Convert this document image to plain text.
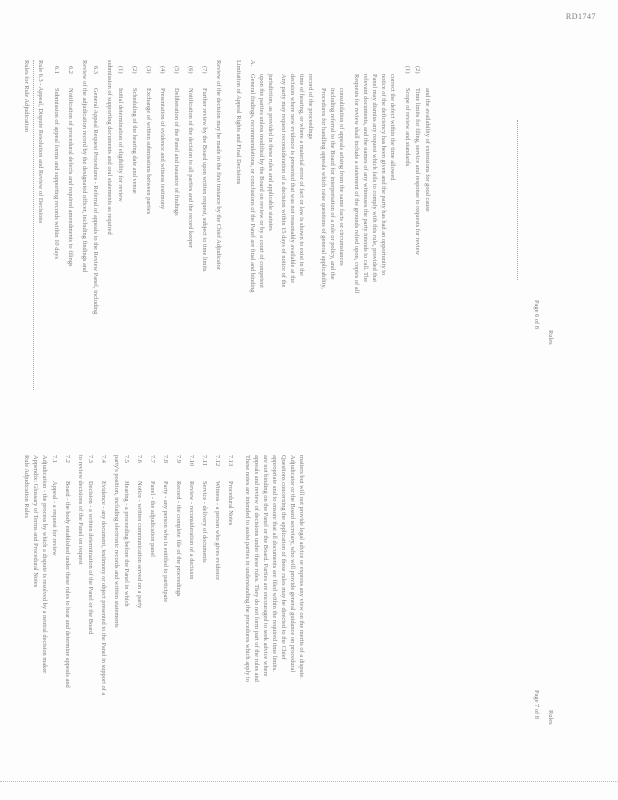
RD1747
Rules for Rule Adjudication Rule 6.3 - Appeal, Dispute Resolution and Review of Decisions 6.1
Submission of appeal forms and supporting records within 10 days
6.2
Notification of procedural defects and required amendments to filings Review of the adjudication record by the designated officer, including findings and 6.3
General Appeal Request Procedures - Referral of appeals to the Review Panel, including submission of supporting documents and oral statements as required (1)
Initial determination of eligibility for review
(2)
Scheduling of the hearing date and venue
(3)
Exchange of written submissions between parties
(4)
Presentation of evidence and witness testimony
(5)
Deliberation of the Panel and issuance of findings
(6)
Notification of the decision to all parties and the record keeper
(7)
Further review by the Board upon written request, subject to time limits Review of the decision may be made in the first instance by the Chief Adjudicator Limitation of Appeal Rights and Final Decisions A.
General findings, recommendations, or conclusions of the Panel are final and binding upon the parties unless modified by the Board on review or by a court of competent jurisdiction, as provided in these rules and applicable statutes Any party may request reconsideration of a decision within 15 days of notice of the decision where new evidence is presented that was not reasonably available at the time of hearing, or where a material error of fact or law is shown to exist in the record of the proceedings Procedures for handling appeals which raise questions of general applicability, including referral to the Board for interpretation of a rule or policy, and the consolidation of appeals arising from the same facts or circumstances Requests for review shall include a statement of the grounds relied upon, copies of all relevant documents, and the names of any witnesses the party intends to call. The Panel may dismiss any request which fails to comply with this rule, provided that notice of the deficiency has been given and the party has had an opportunity to correct the defect within the time allowed
(1)
Scope of review and standards
(2)
Time limits for filing, service and response to requests for review and the availability of extensions for good cause
Page 6 of 8
Rules
Rule Adjudication Rules Appendix: Glossary of Terms and Procedural Notes Adjudication - the process by which a dispute is resolved by a neutral decision maker 7.1
Appeal - a request for review
7.2
Board - the body established under these rules to hear and determine appeals and to review decisions of the Panel on request 7.3
Decision - a written determination of the Panel or the Board
7.4
Evidence - any document, testimony or object presented to the Panel in support of a party's position, including electronic records and written statements 7.5
Hearing - a proceeding before the Panel in which
7.6
Notice - written communication served on a party
7.7
Panel - the adjudication panel
7.8
Party - any person who is entitled to participate
7.9
Record - the complete file of the proceedings
7.10
Review - reconsideration of a decision
7.11
Service - delivery of documents
7.12
Witness - a person who gives evidence
7.13
Procedural Notes These notes are intended to assist parties in understanding the procedures which apply to appeals and review of decisions under these rules. They do not form part of the rules and are not binding on the Panel or the Board. Parties are encouraged to seek advice where appropriate and to ensure that all documents are filed within the required time limits. Questions concerning the application of these rules may be directed to the Chief Adjudicator or the Board secretary, who will provide general guidance on procedural matters but will not provide legal advice or express any view on the merits of a dispute.
Page 7 of 8 Rules
